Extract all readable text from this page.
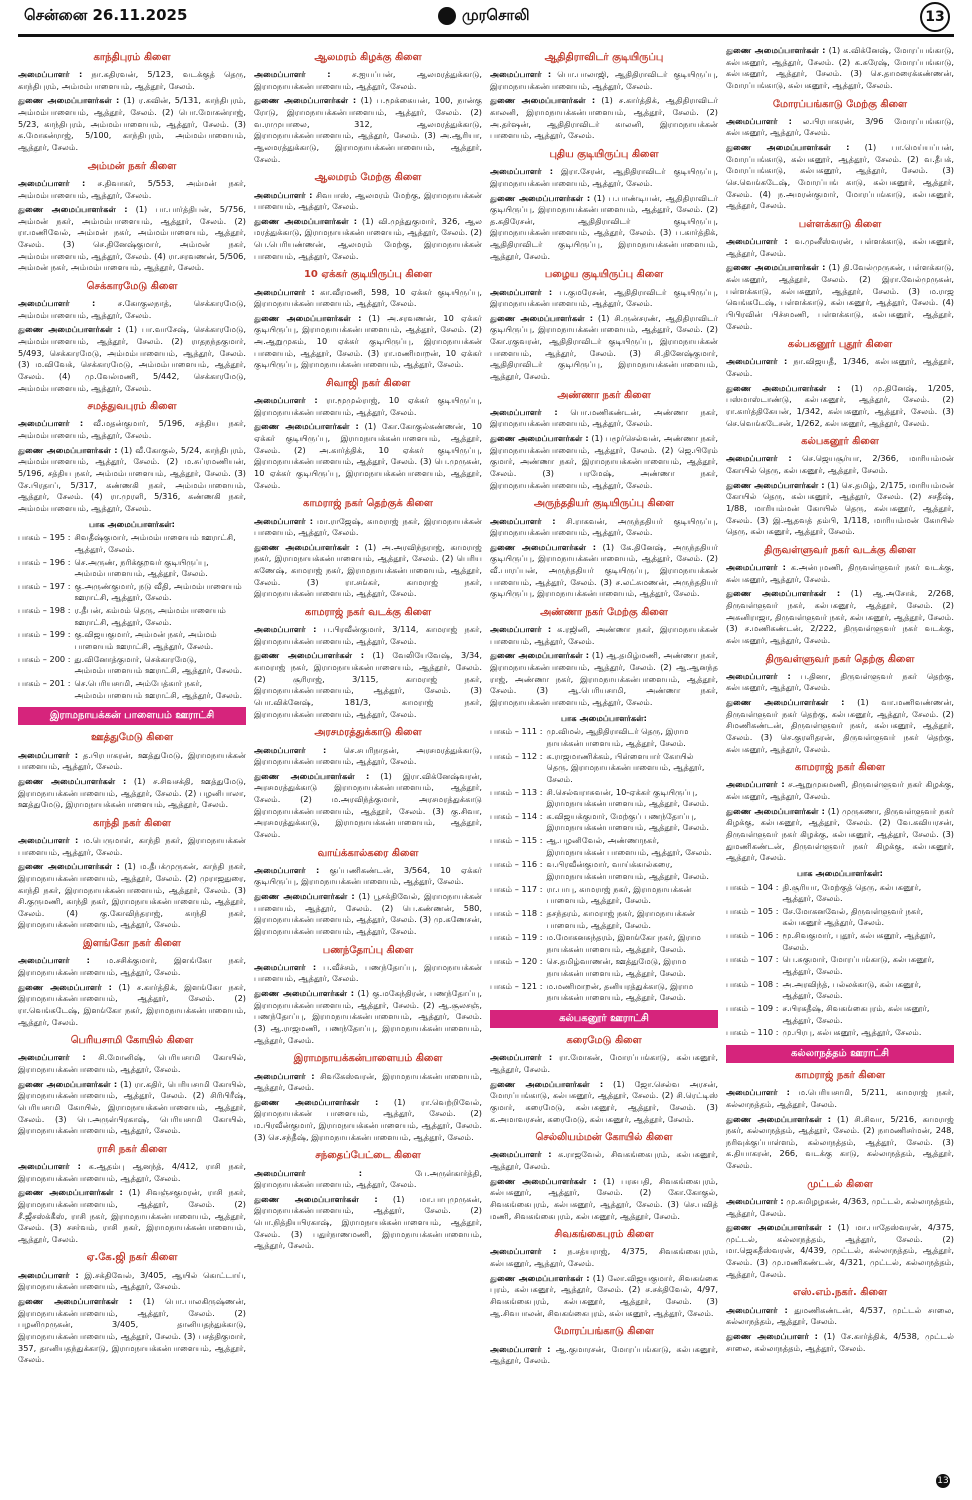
சென்னை 26.11.2025	முரசொலி	13
காந்திபுரம் கிளை
அமைப்பாளர் : நா.கதிரவன், 5/123, வடக்குத் தெரு, காந்திபுரம், அம்மம்பாளையம், ஆத்தூர், சேலம்.
துணை அமைப்பாளர்கள் : (1) ர.கவின், 5/131, காந்திபுரம், அம்மம்பாளையம், ஆத்தூர், சேலம். (2) பொ.மோகன்ராஜ், 5/23, காந்திபுரம், அம்மம்பாளையம், ஆத்தூர், சேலம். (3) க.மோகன்ராஜ், 5/100, காந்திபுரம், அம்மம்பாளையம், ஆத்தூர், சேலம்.
அம்மன் நகர் கிளை
அமைப்பாளர் : ச.திவாகர், 5/553, அம்மன் நகர், அம்மம்பாளையம், ஆத்தூர், சேலம்.
துணை அமைப்பாளர்கள் : (1) பா.பார்த்திபன், 5/756, அம்மன் நகர், அம்மம்பாளையம், ஆத்தூர், சேலம். (2) ரா.மணிவேல், அம்மன் நகர், அம்மம்பாளையம், ஆத்தூர், சேலம். (3) செ.தினேஷ்குமார், அம்மன் நகர், அம்மம்பாளையம், ஆத்தூர், சேலம். (4) ரா.சரவணன், 5/506, அம்மன் நகர், அம்மம்பாளையம், ஆத்தூர், சேலம்.
செக்காரமேடு கிளை
அமைப்பாளர் :	ச.கோகுலநாத், செக்காரமேடு, அம்மம்பாளையம், ஆத்தூர், சேலம்.
துணை அமைப்பாளர்கள் : (1) பா.வாசேஷ், செக்காரமேடு, அம்மம்பாளையம், ஆத்தூர், சேலம். (2) ராதநந்தகுமார், 5/493, செக்காரமேடு, அம்மம்பாளையம், ஆத்தூர், சேலம். (3) ம.விவேக், செக்காரமேடு, அம்மம்பாளையம், ஆத்தூர், சேலம். (4) மு.வேல்மணி, 5/442, செக்காரமேடு, அம்மம்பாளையம், ஆத்தூர், சேலம்.
சமத்துவபுரம் கிளை
அமைப்பாளர் : வீ.மதன்குமார், 5/196, சத்திய நகர், அம்மம்பாளையம், ஆத்தூர், சேலம்.
துணை அமைப்பாளர்கள் : (1) வீ.கோகுல், 5/24, காந்திபுரம், அம்மம்பாளையம், ஆத்தூர், சேலம். (2) ம.சுப்ரமணியன், 5/196, சத்திய நகர், அம்மம்பாளையம், ஆத்தூர், சேலம். (3) சே.பிரதாப், 5/317, கண்ணகி நகர், அம்மம்பாளையம், ஆத்தூர், சேலம். (4) ரா.முரளி, 5/316, கண்ணகி நகர், அம்மம்பாளையம், ஆத்தூர், சேலம்.
பாக அமைப்பாளர்கள்:
பாகம் – 195 : சிவதீஷ்குமார், அம்மம்பாளையம் ஊராட்சி, ஆத்தூர், சேலம்.
பாகம் – 196 : செ.அருண், நரிக்குறவர் குடியிருப்பு, அம்மம்பாளையம், ஆத்தூர், சேலம்.
பாகம் – 197 : கு.அருண்குமார், நடு வீதி, அம்மம்பாளையம் ஊராட்சி, ஆத்தூர், சேலம்.
பாகம் – 198 : ர.தீபன், கம்மம் தெரு, அம்மம்பாளையம் ஊராட்சி, ஆத்தூர், சேலம்.
பாகம் – 199 : கு.விஜயகுமார், அம்மன் நகர், அம்மம் பாளையம் ஊராட்சி, ஆத்தூர், சேலம்.
பாகம் – 200 : து.வினோத்குமார், செக்காரமேடு, அம்மம்பாளையம் ஊராட்சி, ஆத்தூர், சேலம்.
பாகம் – 201 : செ.பெரியசாமி, அம்பேத்கார் நகர், அம்மம்பாளையம் ஊராட்சி, ஆத்தூர், சேலம்.
இராமநாயக்கன் பாளையம் ஊராட்சி
ஊத்துமேடு கிளை
அமைப்பாளர் : த.பிரபாகரன், ஊத்துமேடு, இராமநாயக்கன் பாளையம், ஆத்தூர், சேலம்.
துணை அமைப்பாளர்கள் : (1) ச.சிவசக்தி, ஊத்துமேடு, இராமநாயக்கன்பாளையம், ஆத்தூர், சேலம். (2) பழனிபாலா, ஊத்துமேடு, இராமநாயக்கன்பாளையம், ஆத்தூர், சேலம்.
காந்தி நகர் கிளை
அமைப்பாளர் : ம.பெருமாள், காந்தி நகர், இராமநாயக்கன் பாளையம், ஆத்தூர், சேலம்.
துணை அமைப்பாளர்கள் : (1) ம.தீபக்முருகன், காந்தி நகர், இராமநாயக்கன்பாளையம், ஆத்தூர், சேலம். (2) முராஜதுரை, காந்தி நகர், இராமநாயக்கன்பாளையம், ஆத்தூர், சேலம். (3) சி.குருமணி, காந்தி நகர், இராமநாயக்கன்பாளையம், ஆத்தூர், சேலம். (4) கு.கோவிந்தராஜ், காந்தி நகர், இராமநாயக்கன்பாளையம், ஆத்தூர், சேலம்.
இளங்கோ நகர் கிளை
அமைப்பாளர் : ம.சசிக்குமார், இளங்கோ நகர், இராமநாயக்கன்பாளையம், ஆத்தூர், சேலம்.
துணை அமைப்பாளர் : (1) ச.கார்த்திக், இளங்கோ நகர், இராமநாயக்கன்பாளையம், ஆத்தூர், சேலம். (2) ரா.வெங்கடேஷ், இளங்கோ நகர், இராமநாயக்கன்பாளையம், ஆத்தூர், சேலம்.
பெரியசாமி கோயில் கிளை
அமைப்பாளர் : சி.மோனிஷ், பெரியசாமி கோயில், இராமநாயக்கன்பாளையம், ஆத்தூர், சேலம்.
துணை அமைப்பாளர்கள் : (1) ரா.கதிர், பெரியசாமி கோயில், இராமநாயக்கன்பாளையம், ஆத்தூர், சேலம். (2) சிரிபிரீஷ், பெரியசாமி கோயில், இராமநாயக்கன்பாளையம், ஆத்தூர், சேலம். (3) பெ.அருள்பிரகாஷ், பெரியசாமி கோயில், இராமநாயக்கன்பாளையம், ஆத்தூர், சேலம்.
ராசி நகர் கிளை
அமைப்பாளர் : க.ஆதம்பு ஆனந்த், 4/412, ராசி நகர், இராமநாயக்கன்பாளையம், ஆத்தூர், சேலம்.
துணை அமைப்பாளர்கள் : (1) சிவஞ்சகுமரன், ராசி நகர், இராமநாயக்கன்பாளையம், ஆத்தூர், சேலம். (2) சீ.ஜீசஸ்க்கீஸ், ராசி நகர், இராமநாயக்கன்பாளையம், ஆத்தூர், சேலம். (3) சசர்வம், ராசி நகர், இராமநாயக்கன்பாளையம், ஆத்தூர், சேலம்.
ஏ.கே.ஜி நகர் கிளை
அமைப்பாளர் : இ.சக்திவேல், 3/405, ஆயில் கொட்டாய், இராமநாயக்கன்பாளையம், ஆத்தூர், சேலம்.
துணை அமைப்பாளர்கள் : (1) பொ.பாலகிருஷ்ணன், இராமநாயக்கன்பாளையம், ஆத்தூர், சேலம். (2) பழனிமுருகன், 3/405, தானியதந்துக்காடு, இராமநாயக்கன்பாளையம், ஆத்தூர், சேலம். (3) பசத்திகுமார், 357, தானியதந்துக்காடு, இராமநாயக்கன்பாளையம், ஆத்தூர், சேலம்.
ஆலமரம் கிழக்கு கிளை
அமைப்பாளர் :	ச.ஐயப்பன், ஆலமரத்துக்காடு, இராமநாயக்கன்பாளையம், ஆத்தூர், சேலம்.
துணை அமைப்பாளர்கள் : (1) ப.மூக்கையன், 100, நான்கு ரோடு, இராமநாயக்கன்பாளையம், ஆத்தூர், சேலம். (2) வ.ராமுபாலை, 312, ஆலமரத்துக்காடு, இராமநாயக்கன்பாளையம், ஆத்தூர், சேலம். (3) அ.ஆரியா, ஆலமரத்துக்காடு, இராமநாயக்கன்பாளையம், ஆத்தூர், சேலம்.
ஆலமரம் மேற்கு கிளை
அமைப்பாளர் : சிவபாஸ், ஆலமரம் மேற்கு, இராமநாயக்கன் பாளையம், ஆத்தூர், சேலம்.
துணை அமைப்பாளர்கள் : (1) வி.முத்துகுமார், 326, ஆல மரத்துக்காடு, இராமநாயக்கன்பாளையம், ஆத்தூர், சேலம். (2) பெ.பெரியண்ணன், ஆலமரம் மேற்கு, இராமநாயக்கன் பாளையம், ஆத்தூர், சேலம்.
10 ஏக்கர் குடியிருப்பு கிளை
அமைப்பாளர் : கா.வீரமணி, 598, 10 ஏக்கர் குடியிருப்பு, இராமநாயக்கன்பாளையம், ஆத்தூர், சேலம்.
துணை அமைப்பாளர்கள் : (1) அ.சரவணன், 10 ஏக்கர் குடியிருப்பு, இராமநாயக்கன்பாளையம், ஆத்தூர், சேலம். (2) அ.ஆறுமுகம், 10 ஏக்கர் குடியிருப்பு, இராமநாயக்கன் பாளையம், ஆத்தூர், சேலம். (3) ரா.மணிமாறன், 10 ஏக்கர் குடியிருப்பு, இராமநாயக்கன்பாளையம், ஆத்தூர், சேலம்.
சிவாஜி நகர் கிளை
அமைப்பாளர் : ரா.மூமுல்ராஜ், 10 ஏக்கர் குடியிருப்பு, இராமநாயக்கன்பாளையம், ஆத்தூர், சேலம்.
துணை அமைப்பாளர்கள் : (1) கோ.கோகுல்கண்ணன், 10 ஏக்கர் குடியிருப்பு, இராமநாயக்கன்பாளையம், ஆத்தூர், சேலம். (2) அ.கார்த்திக், 10 ஏக்கர் குடியிருப்பு, இராமநாயக்கன்பாளையம், ஆத்தூர், சேலம். (3) பெ.முருகன், 10 ஏக்கர் குடியிருப்பு, இராமநாயக்கன்பாளையம், ஆத்தூர், சேலம்.
காமராஜ் நகர் தெற்குக் கிளை
அமைப்பாளர் : மா.ராஜேஷ், காமராஜ் நகர், இராமநாயக்கன் பாளையம், ஆத்தூர், சேலம்.
துணை அமைப்பாளர்கள் : (1) அ.அரவிந்தராஜ், காமராஜ் நகர், இராமநாயக்கன்பாளையம், ஆத்தூர், சேலம். (2) பெரிய கணேஷ், காமராஜ் நகர், இராமநாயக்கன்பாளையம், ஆத்தூர், சேலம். (3) ரா.சங்கர், காமராஜ் நகர், இராமநாயக்கன்பாளையம், ஆத்தூர், சேலம்.
காமராஜ் நகர் வடக்கு கிளை
அமைப்பாளர் : ப.பிரவீன்குமார், 3/114, காமராஜ் நகர், இராமநாயக்கன்பாளையம், ஆத்தூர், சேலம்.
துணை அமைப்பாளர்கள் : (1) வேலியேவேஷ், 3/34, காமராஜ் நகர், இராமநாயக்கன்பாளையம், ஆத்தூர், சேலம். (2) சூரிராஜ், 3/115, காமராஜ் நகர், இராமநாயக்கன்பாளையம், ஆத்தூர், சேலம். (3) பொ.விக்னேஷ், 181/3, காமராஜ் நகர், இராமநாயக்கன்பாளையம், ஆத்தூர், சேலம்.
அரசமரத்துக்காடு கிளை
அமைப்பாளர் : செ.சபரிநாதன், அரசமரத்துக்காடு, இராமநாயக்கன்பாளையம், ஆத்தூர், சேலம்.
துணை அமைப்பாளர்கள் : (1) இரா.விக்னேஷ்வரன், அரசமரத்துக்காடு இராமநாயக்கன்பாளையம், ஆத்தூர், சேலம். (2) ம.அரவிந்த்குமார், அரசமரத்துக்காடு இராமநாயக்கன்பாளையம், ஆத்தூர், சேலம். (3) கு.சிவா, அரசமரத்துக்காடு, இராமநாயக்கன்பாளையம், ஆத்தூர், சேலம்.
வாய்க்கால்கரை கிளை
அமைப்பாளர் : குப்பணிகண்டன், 3/564, 10 ஏக்கர் குடியிருப்பு, இராமநாயக்கன்பாளையம், ஆத்தூர், சேலம்.
துணை அமைப்பாளர்கள் : (1) பூசக்திவேல், இராமநாயக்கன் பாளையம், ஆத்தூர், சேலம். (2) பெ.கண்ணன், 580, இராமநாயக்கன்பாளையம், ஆத்தூர், சேலம். (3) மு.கணேசன், இராமநாயக்கன்பாளையம், ஆத்தூர், சேலம்.
பணந்தோப்பு கிளை
அமைப்பாளர் : ப.வீச்சம், பணந்தோப்பு, இராமநாயக்கன் பாளையம், ஆத்தூர், சேலம்.
துணை அமைப்பாளர்கள் : (1) கு.மகேந்திரன், பணந்தோப்பு, இராமநாயக்கன்பாளையம், ஆத்தூர், சேலம். (2) ஆ.சூலசஞ், பணந்தோப்பு, இராமநாயக்கன்பாளையம், ஆத்தூர், சேலம். (3) ஆ.ராஜமணி, பணந்தோப்பு, இராமநாயக்கன்பாளையம், ஆத்தூர், சேலம்.
இராமநாயக்கன்பாளையம் கிளை
அமைப்பாளர் : சிவகேஸ்வரன், இராமநாயக்கன்பாளையம், ஆத்தூர், சேலம்.
துணை அமைப்பாளர்கள் : (1) ரா.வெற்றிவேல், இராமநாயக்கன் பாளையம், ஆத்தூர், சேலம். (2) ம.பிரவீன்குமார், இராமநாயக்கன்பாளையம், ஆத்தூர், சேலம். (3) செ.சந்தீஷ், இராமநாயக்கன்பாளையம், ஆத்தூர், சேலம்.
சந்தைப்பேட்டை கிளை
அமைப்பாளர் :	பே.அருள்கார்த்தி, இராமநாயக்கன்பாளையம், ஆத்தூர், சேலம்.
துணை அமைப்பாளர்கள் : (1) மா.பாபுமுருகன், இராமநாயக்கன்பாளையம், ஆத்தூர், சேலம். (2) பொ.நித்தியபிரகாஷ், இராமநாயக்கன்பாளையம், ஆத்தூர், சேலம். (3) பதுர்நாணமணி, இராமநாயக்கன்பாளையம், ஆத்தூர், சேலம்.
ஆதிதிராவிடர் குடியிருப்பு
அமைப்பாளர் : பொ.பாலாஜி, ஆதிதிராவிடர் குடியிருப்பு, இராமநாயக்கன்பாளையம், ஆத்தூர், சேலம்.
துணை அமைப்பாளர்கள் : (1) ச.கார்த்திக், ஆதிதிராவிடர் காலனி, இராமநாயக்கன்பாளையம், ஆத்தூர், சேலம். (2) அ.தர்ஷன், ஆதிதிராவிடர் காலனி, இராமநாயக்கன் பாளையம், ஆத்தூர், சேலம்.
புதிய குடியிருப்பு கிளை
அமைப்பாளர் : இரா.சேரன், ஆதிதிராவிடர் குடியிருப்பு, இராமநாயக்கன்பாளையம், ஆத்தூர், சேலம்.
துணை அமைப்பாளர்கள் : (1) ப.பாண்டியன், ஆதிதிராவிடர் குடியிருப்பு, இராமநாயக்கன்பாளையம், ஆத்தூர், சேலம். (2) த.கதிரேசன், ஆதிதிராவிடர் குடியிருப்பு, இராமநாயக்கன்பாளையம், ஆத்தூர், சேலம். (3) ப.கார்த்திக், ஆதிதிராவிடர் குடியிருப்பு, இராமநாயக்கன்பாளையம், ஆத்தூர், சேலம்.
பழைய குடியிருப்பு கிளை
அமைப்பாளர் : ப.குமரேசன், ஆதிதிராவிடர் குடியிருப்பு, இராமநாயக்கன்பாளையம், ஆத்தூர், சேலம்.
துணை அமைப்பாளர்கள் : (1) சி.ருன்சரண், ஆதிதிராவிடர் குடியிருப்பு, இராமநாயக்கன்பாளையம், ஆத்தூர், சேலம். (2) கோ.ரகுவரன், ஆதிதிராவிடர் குடியிருப்பு, இராமநாயக்கன் பாளையம், ஆத்தூர், சேலம். (3) சி.தினேஷ்குமார், ஆதிதிராவிடர் குடியிருப்பு, இராமநாயக்கன்பாளையம், ஆத்தூர், சேலம்.
அண்ணா நகர் கிளை
அமைப்பாளர் : பொ.மணிகண்டன், அண்ணா நகர், இராமநாயக்கன்பாளையம், ஆத்தூர், சேலம்.
துணை அமைப்பாளர்கள் : (1) பழூர்செல்வன், அண்ணா நகர், இராமநாயக்கன்பாளையம், ஆத்தூர், சேலம். (2) ஜெ.பிரேம் குமார், அண்ணா நகர், இராமநாயக்கன்பாளையம், ஆத்தூர், சேலம். (3) பரமேஷ், அண்ணா நகர், இராமநாயக்கன்பாளையம், ஆத்தூர், சேலம்.
அருந்ததியர் குடியிருப்பு கிளை
அமைப்பாளர் : சி.ராகவன், அருந்ததியர் குடியிருப்பு, இராமநாயக்கன்பாளையம், ஆத்தூர், சேலம்.
துணை அமைப்பாளர்கள் : (1) கே.தினேஷ், அருந்ததியர் குடியிருப்பு, இராமநாயக்கன்பாளையம், ஆத்தூர், சேலம். (2) வீ.பாரப்பன், அருந்ததியர் குடியிருப்பு, இராமநாயக்கன் பாளையம், ஆத்தூர், சேலம். (3) ச.லட்சுமணன், அருந்ததியர் குடியிருப்பு, இராமநாயக்கன்பாளையம், ஆத்தூர், சேலம்.
அண்ணா நகர் மேற்கு கிளை
அமைப்பாளர் : க.ரஜினி, அண்ணா நகர், இராமநாயக்கன் பாளையம், ஆத்தூர், சேலம்.
துணை அமைப்பாளர்கள் : (1) ஆ.தமிழ்மணி, அண்ணா நகர், இராமநாயக்கன்பாளையம், ஆத்தூர், சேலம். (2) ஆ.ஆனந்த ராஜ், அண்ணா நகர், இராமநாயக்கன்பாளையம், ஆத்தூர், சேலம். (3) ஆ.பெரியசாமி, அண்ணா நகர், இராமநாயக்கன்பாளையம், ஆத்தூர், சேலம்.
பாக அமைப்பாளர்கள்:
பாகம் – 111 : மு.விமல், ஆதிதிராவிடர் தெரு, இராம நாயக்கன்பாளையம், ஆத்தூர், சேலம்.
பாகம் – 112 : க.ராஜமாணிக்கம், பிள்ளையார் கோயில் தெரு, இராமநாயக்கன்பாளையம், ஆத்தூர், சேலம்.
பாகம் – 113 : சி.செல்வராசுவன், 10-ஏக்கர் குடியிருப்பு, இராமநாயக்கன்பாளையம், ஆத்தூர், சேலம்.
பாகம் – 114 : க.விஜயக்குமார், மேற்குப் பணந்தோப்பு, இராமநாயக்கன்பாளையம், ஆத்தூர், சேலம்.
பாகம் – 115 : ஆ.பழனிவேல், அண்ணாநகர், இராமநாயக்கன் பாளையம், ஆத்தூர், சேலம்.
பாகம் – 116 : வ.பிரவீன்குமார், வாய்க்கால்கரை, இராமநாயக்கன்பாளையம், ஆத்தூர், சேலம்.
பாகம் – 117 : ரா.பாபு, காமராஜ் நகர், இராமநாயக்கன் பாளையம், ஆத்தூர், சேலம்.
பாகம் – 118 : தசந்தரம், காமராஜ் நகர், இராமநாயக்கன் பாளையம், ஆத்தூர், சேலம்.
பாகம் – 119 : ம.மோகனசுந்தரம், இளங்கோ நகர், இராம நாயக்கன்பாளையம், ஆத்தூர், சேலம்.
பாகம் – 120 : செ.தமிழ்வாணன், ஊத்துமேடு, இராம நாயக்கன்பாளையம், ஆத்தூர், சேலம்.
பாகம் – 121 : ம.மணிமாறன், தனியரத்துக்காடு, இராம நாயக்கன்பாளையம், ஆத்தூர், சேலம்.
கல்பகனூர் ஊராட்சி
கரைமேடு கிளை
அமைப்பாளர் : ரா.மோகன், மோரப்பங்காடு, கல்பகனூர், ஆத்தூர், சேலம்.
துணை அமைப்பாளர்கள் : (1) ஜோ.செல்வ அரசன், மோரப்பங்காடு, கல்பகனூர், ஆத்தூர், சேலம். (2) சி.ரெட்டிஸ் குமார், கரைமேடு, கல்பகனூர், ஆத்தூர், சேலம். (3) க.அமாவரசன், கரைமேடு, கல்பகனூர், ஆத்தூர், சேலம்.
செல்லியம்மன் கோயில் கிளை
அமைப்பாளர் : க.ராஜவேல், சிவகங்கைபுரம், கல்பகனூர், ஆத்தூர், சேலம்.
துணை அமைப்பாளர்கள் : (1) பரசுபதி, சிவகங்கைபுரம், கல்பகனூர், ஆத்தூர், சேலம். (2) கோ.கோகுல், சிவகங்கைபுரம், கல்பகனூர், ஆத்தூர், சேலம். (3) செ.பவித் மணி, சிவகங்கைபுரம், கல்பகனூர், ஆத்தூர், சேலம்.
சிவகங்கைபுரம் கிளை
அமைப்பாளர் : ந.சத்யராஜ், 4/375, சிவகங்கைபுரம், கல்பகனூர், ஆத்தூர், சேலம்.
துணை அமைப்பாளர்கள் : (1) லோ.விஜயகுமார், சிவகங்கை புரம், கல்பகனூர், ஆத்தூர், சேலம். (2) ச.சக்திவேல், 4/97, சிவகங்கைபுரம், கல்பகனூர், ஆத்தூர், சேலம். (3) ஆ.சிவபாலன், சிவகங்கைபுரம், கல்பகனூர், ஆத்தூர், சேலம்.
மோரப்பங்காடு கிளை
அமைப்பாளர் : ஆ.குமாரசன், மோரப்பங்காடு, கல்பகனூர், ஆத்தூர், சேலம்.
துணை அமைப்பாளர்கள் : (1) க.விக்னேஷ், மோரப்பங்காடு, கல்பகனூர், ஆத்தூர், சேலம். (2) க.சுரேஷ், மோரப்பங்காடு, கல்பகனூர், ஆத்தூர், சேலம். (3) செ.தாமரைக்கண்ணன், மோரப்பங்காடு, கல்பகனூர், ஆத்தூர், சேலம்.
மோரப்பங்காடு மேற்கு கிளை
அமைப்பாளர் : ல.பிரபாகரன், 3/96 மோரப்பங்காடு, கல்பகனூர், ஆத்தூர், சேலம்.
துணை அமைப்பாளர்கள் : (1) பா.மெய்யப்பன், மோரப்பங்காடு, கல்பகனூர், ஆத்தூர், சேலம். (2) வ.தீபக், மோரப்பங்காடு, கல்பகனூர், ஆத்தூர், சேலம். (3) செ.வெங்கடேஷ், மோரப்பங் காடு, கல்பகனூர், ஆத்தூர், சேலம். (4) ந.அமரன்குமார், மோரப்பங்காடு, கல்பகனூர், ஆத்தூர், சேலம்.
பள்ளக்காடு கிளை
அமைப்பாளர் : வ.முனீஸ்வரன், பள்ளக்காடு, கல்பகனூர், ஆத்தூர், சேலம்.
துணை அமைப்பாளர்கள் : (1) தி.வேல்முருகன், பள்ளக்காடு, கல்பகனூர், ஆத்தூர், சேலம். (2) இரா.வேல்முருகன், பள்ளக்காடு, கல்பகனூர், ஆத்தூர், சேலம். (3) ம.ராஜ வெங்கடேஷ், பள்ளக்காடு, கல்பகனூர், ஆத்தூர், சேலம். (4) பிபிரவின் பிச்சமணி, பள்ளக்காடு, கல்பகனூர், ஆத்தூர், சேலம்.
கல்பகனூர் புதூர் கிளை
அமைப்பாளர் : நா.விஜயதீ, 1/346, கல்பகனூர், ஆத்தூர், சேலம்.
துணை அமைப்பாளர்கள் : (1) மு.தினேஷ், 1/205, பஸ்மாஸ்டாண்டு, கல்பகனூர், ஆத்தூர், சேலம். (2) ரா.கார்த்திகேயன், 1/342, கல்பகனூர், ஆத்தூர், சேலம். (3) செ.வெங்கடேசன், 1/262, கல்பகனூர், ஆத்தூர், சேலம்.
கல்பகனூர் கிளை
அமைப்பாளர் : செ.ஜெயசூர்யா, 2/366, மாரியம்மன் கோயில் தெரு, கல்பகனூர், ஆத்தூர், சேலம்.
துணை அமைப்பாளர்கள் : (1) செ.தமிழ், 2/175, மாரியம்மன் கோயில் தெரு, கல்பகனூர், ஆத்தூர், சேலம். (2) சசதீஷ், 1/88, மாரியம்மன் கோயில் தெரு, கல்பகனூர், ஆத்தூர், சேலம். (3) இ.ஆதவத் தம்பி, 1/118, மாரியம்மன் கோயில் தெரு, கல்பகனூர், ஆத்தூர், சேலம்.
திருவள்ளுவர் நகர் வடக்கு கிளை
அமைப்பாளர் : க.அன்புமணி, திருவள்ளுவர் நகர் வடக்கு, கல்பகனூர், ஆத்தூர், சேலம்.
துணை அமைப்பாளர்கள் : (1) ஆ.அசோக், 2/268, திருவள்ளுவர் நகர், கல்பகனூர், ஆத்தூர், சேலம். (2) அகனிராஜா, திருவள்ளுவர் நகர், கல்பகனூர், ஆத்தூர், சேலம். (3) ச.மணிகண்டன், 2/222, திருவள்ளுவர் நகர் வடக்கு, கல்பகனூர், ஆத்தூர், சேலம்.
திருவள்ளுவர் நகர் தெற்கு கிளை
அமைப்பாளர் : ப.தினா, திருவள்ளுவர் நகர் தெற்கு, கல்பகனூர், ஆத்தூர், சேலம்.
துணை அமைப்பாளர்கள் : (1) வா.மணிவண்ணன், திருவள்ளுவர் நகர் தெற்கு, கல்பகனூர், ஆத்தூர், சேலம். (2) சிமணிகண்டன், திருவள்ளுவர் நகர், கல்பகனூர், ஆத்தூர், சேலம். (3) செ.குரளிதரன், திருவள்ளுவர் நகர் தெற்கு, கல்பகனூர், ஆத்தூர், சேலம்.
காமராஜ் நகர் கிளை
அமைப்பாளர் : ச.ஆறுமுகமணி, திருவள்ளுவர் நகர் கிழக்கு, கல்பகனூர், ஆத்தூர், சேலம்.
துணை அமைப்பாளர்கள் : (1) முருகணா, திருவள்ளுவர் நகர் கிழக்கு, கல்பகனூர், ஆத்தூர், சேலம். (2) வே.கவியரசன், திருவள்ளுவர் நகர் கிழக்கு, கல்பகனூர், ஆத்தூர், சேலம். (3) துமணிகண்டன், திருவள்ளுவர் நகர் கிழக்கு, கல்பகனூர், ஆத்தூர், சேலம்.
பாக அமைப்பாளர்கள்:
பாகம் – 104 : தி.சூரியா, மேற்குத் தெரு, கல்பகனூர், ஆத்தூர், சேலம்.
பாகம் – 105 : சே.மோகனவேல், திருவள்ளுவர் நகர், கல்பகனூர் ஆத்தூர், சேலம்.
பாகம் – 106 : மூ.சிவகுமார், புதூர், கல்பகனூர், ஆத்தூர், சேலம்.
பாகம் – 107 : பெ.சுகுமார், மோரப்பங்காடு, கல்பகனூர், ஆத்தூர், சேலம்.
பாகம் – 108 : அ.அரவிந்த், பல்லக்காடு, கல்பகனூர், ஆத்தூர், சேலம்.
பாகம் – 109 : ச.பிரகதீஷ், சிவகங்கைபுரம், கல்பகனூர், ஆத்தூர், சேலம்.
பாகம் – 110 : மு.பிரபு, கல்பகனூர், ஆத்தூர், சேலம்.
கல்லாநத்தம் ஊராட்சி
காமராஜ் நகர் கிளை
அமைப்பாளர் : ம.பெரியசாமி, 5/211, காமராஜ் நகர், கல்லாநத்தம், ஆத்தூர், சேலம்.
துணை அமைப்பாளர்கள் : (1) சி.சிவா, 5/216, காமராஜ் நகர், கல்லாநத்தம், ஆத்தூர், சேலம். (2) நாமணிசர்மன், 248, நரிவுக்குப்பாள்ளம், கல்லாநத்தம், ஆத்தூர், சேலம். (3) க.தியாகரன், 266, வடக்கு காடு, கல்லாநத்தம், ஆத்தூர், சேலம்.
முட்டல் கிளை
அமைப்பாளர் : மு.கமிழழகன், 4/363, முட்டல், கல்லாநத்தம், ஆத்தூர், சேலம்.
துணை அமைப்பாளர்கள் : (1) மா.பாதேஸ்வரன், 4/375, முட்டல், கல்லாநத்தம், ஆத்தூர், சேலம். (2) மா.ஜெகதீஸ்வரன், 4/439, முட்டல், கல்லாநத்தம், ஆத்தூர், சேலம். (3) மு.மணிகண்டன், 4/321, முட்டல், கல்லாநத்தம், ஆத்தூர், சேலம்.
எஸ்.எம்.நகர். கிளை
அமைப்பாளர் : துமணிகண்டன், 4/537, முட்டல் சாலை, கல்லாநத்தம், ஆத்தூர், சேலம்.
துணை அமைப்பாளர் : (1) சே.கார்த்திக், 4/538, முட்டல் சாலை, கல்லாநத்தம், ஆத்தூர், சேலம்.
13
